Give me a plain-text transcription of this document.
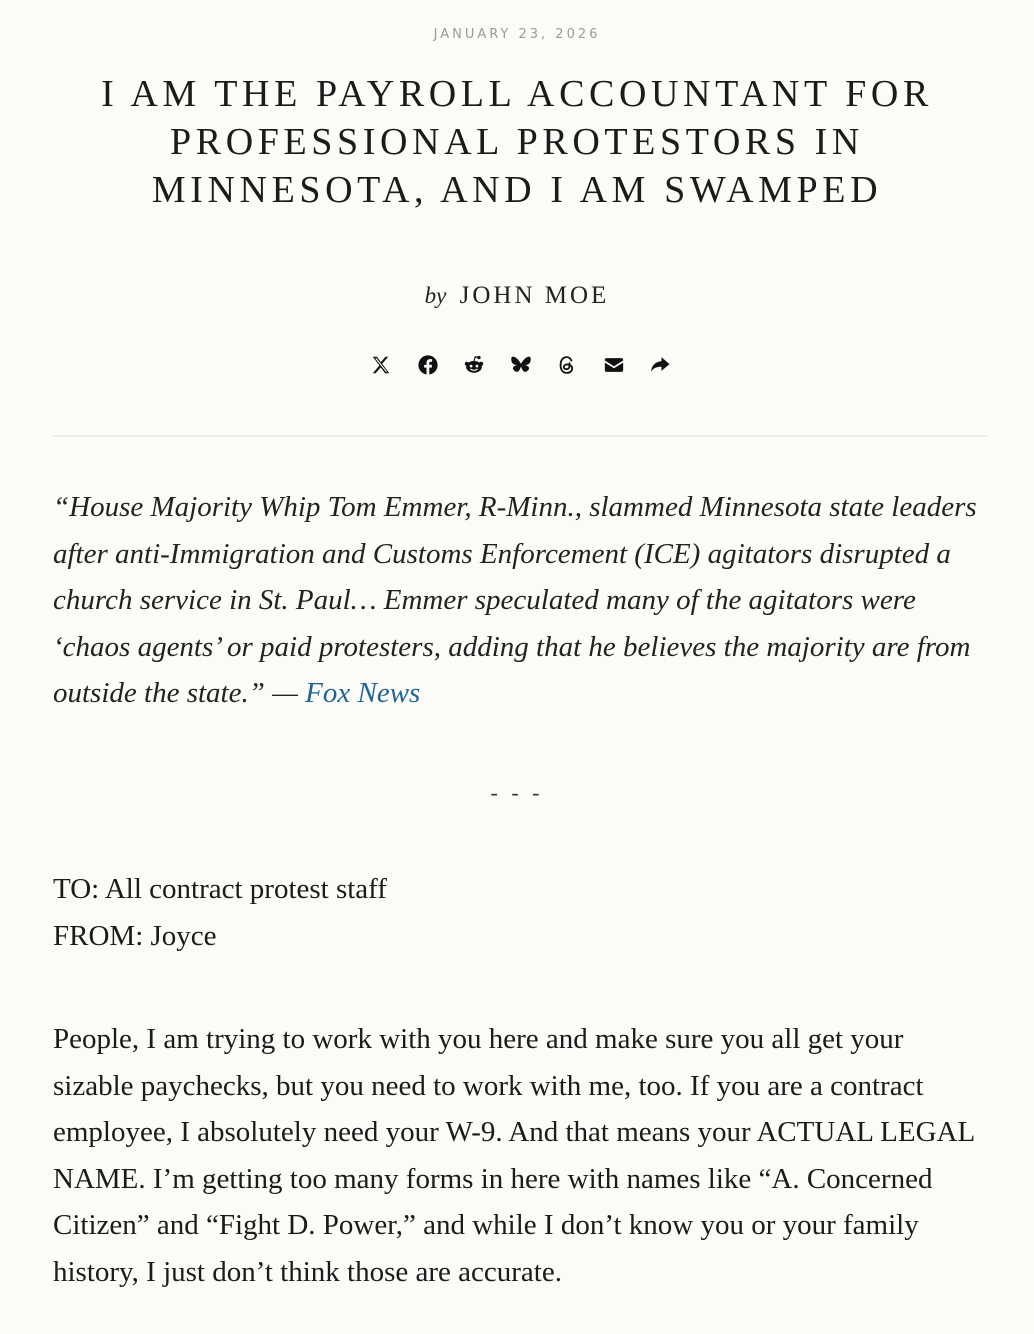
JANUARY 23, 2026
I AM THE PAYROLL ACCOUNTANT FOR PROFESSIONAL PROTESTORS IN MINNESOTA, AND I AM SWAMPED
by JOHN MOE

“House Majority Whip Tom Emmer, R-Minn., slammed Minnesota state leaders after anti-Immigration and Customs Enforcement (ICE) agitators disrupted a church service in St. Paul… Emmer speculated many of the agitators were ‘chaos agents’ or paid protesters, adding that he believes the majority are from outside the state.” — Fox News

- - -

TO: All contract protest staff
FROM: Joyce

People, I am trying to work with you here and make sure you all get your sizable paychecks, but you need to work with me, too. If you are a contract employee, I absolutely need your W-9. And that means your ACTUAL LEGAL NAME. I’m getting too many forms in here with names like “A. Concerned Citizen” and “Fight D. Power,” and while I don’t know you or your family history, I just don’t think those are accurate.
